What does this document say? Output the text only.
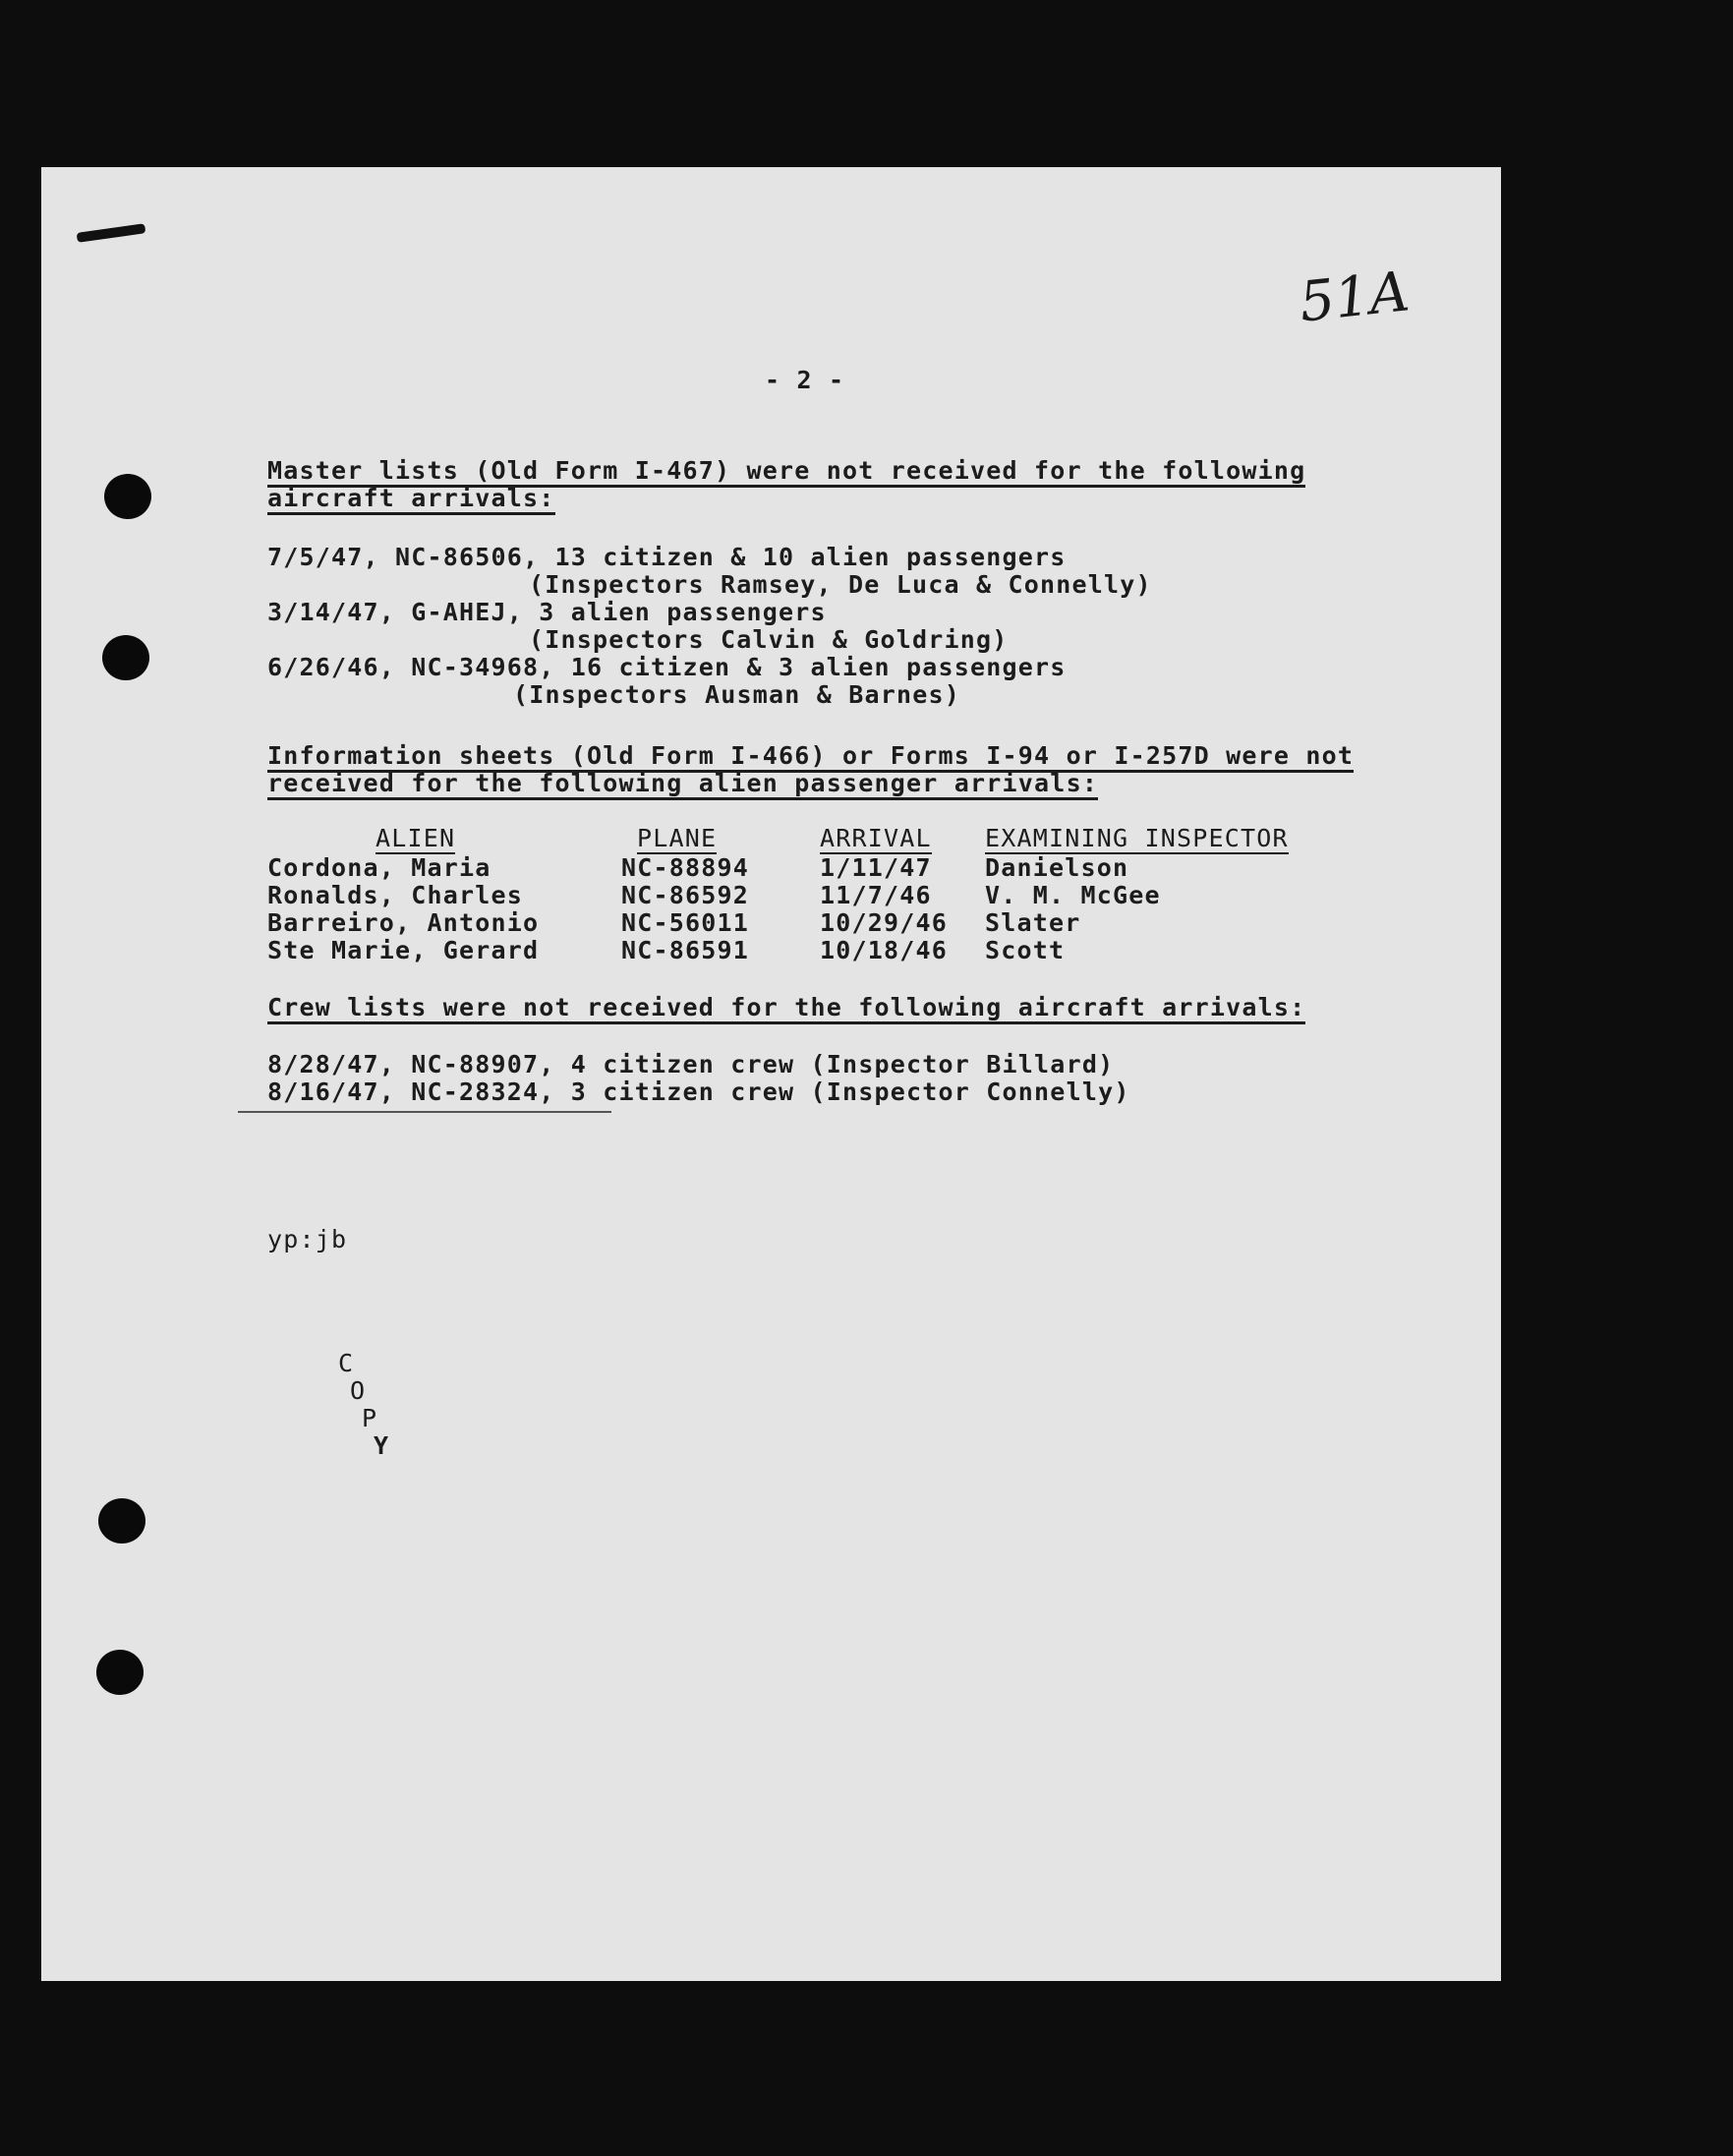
51A
- 2 -
Master lists (Old Form I-467) were not received for the following
aircraft arrivals:
7/5/47, NC-86506, 13 citizen & 10 alien passengers
(Inspectors Ramsey, De Luca & Connelly)
3/14/47, G-AHEJ, 3 alien passengers
(Inspectors Calvin & Goldring)
6/26/46, NC-34968, 16 citizen & 3 alien passengers
(Inspectors Ausman & Barnes)
Information sheets (Old Form I-466) or Forms I-94 or I-257D were not
received for the following alien passenger arrivals:
ALIEN	PLANE	ARRIVAL EXAMINING INSPECTOR
Cordona, Maria	NC-88894	1/11/47 Danielson
Ronalds, Charles	NC-86592	11/7/46 V. M. McGee
Barreiro, Antonio	NC-56011	10/29/46 Slater
Ste Marie, Gerard	NC-86591	10/18/46 Scott
Crew lists were not received for the following aircraft arrivals:
8/28/47, NC-88907, 4 citizen crew (Inspector Billard)
8/16/47, NC-28324, 3 citizen crew (Inspector Connelly)
yp:jb
C
O
P
Y
